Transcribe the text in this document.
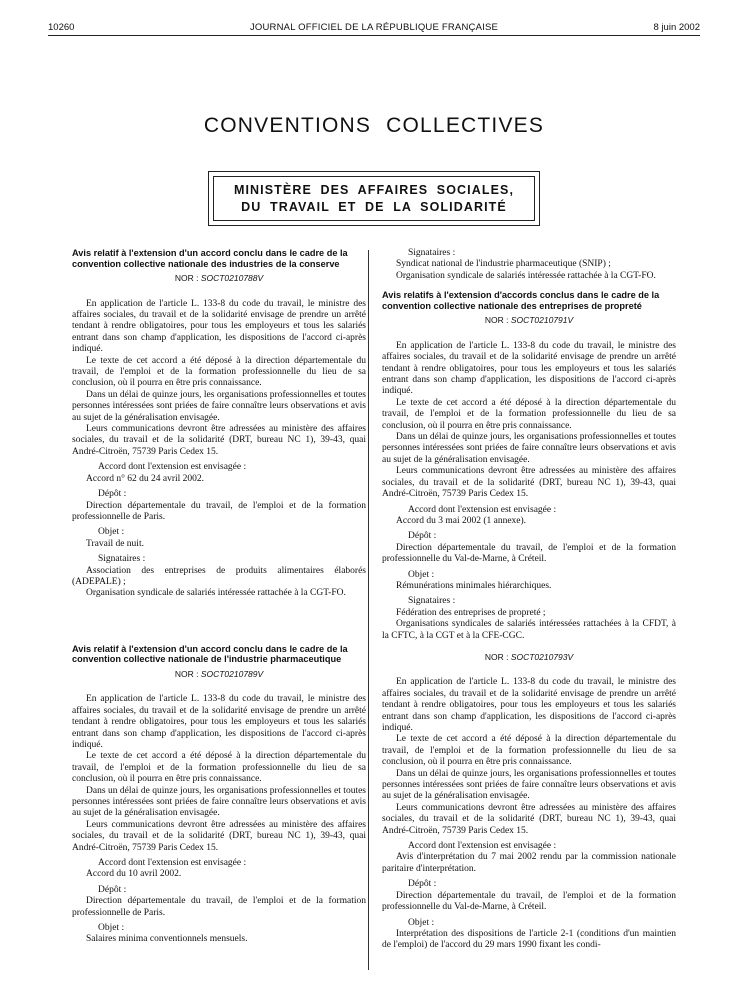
10260	JOURNAL OFFICIEL DE LA RÉPUBLIQUE FRANÇAISE	8 juin 2002
CONVENTIONS COLLECTIVES
MINISTÈRE DES AFFAIRES SOCIALES,
DU TRAVAIL ET DE LA SOLIDARITÉ
Avis relatif à l'extension d'un accord conclu dans le cadre de la convention collective nationale des industries de la conserve
NOR : SOCT0210788V

En application de l'article L. 133-8 du code du travail, le ministre des affaires sociales, du travail et de la solidarité envisage de prendre un arrêté tendant à rendre obligatoires, pour tous les employeurs et tous les salariés entrant dans son champ d'application, les dispositions de l'accord ci-après indiqué.

Le texte de cet accord a été déposé à la direction départementale du travail, de l'emploi et de la formation professionnelle du lieu de sa conclusion, où il pourra en être pris connaissance.

Dans un délai de quinze jours, les organisations professionnelles et toutes personnes intéressées sont priées de faire connaître leurs observations et avis au sujet de la généralisation envisagée.

Leurs communications devront être adressées au ministère des affaires sociales, du travail et de la solidarité (DRT, bureau NC 1), 39-43, quai André-Citroën, 75739 Paris Cedex 15.

Accord dont l'extension est envisagée :

Accord n° 62 du 24 avril 2002.

Dépôt :

Direction départementale du travail, de l'emploi et de la formation professionnelle de Paris.

Objet :

Travail de nuit.

Signataires :

Association des entreprises de produits alimentaires élaborés (ADEPALE) ;

Organisation syndicale de salariés intéressée rattachée à la CGT-FO.

Avis relatif à l'extension d'un accord conclu dans le cadre de la convention collective nationale de l'industrie pharmaceutique
NOR : SOCT0210789V

En application de l'article L. 133-8 du code du travail, le ministre des affaires sociales, du travail et de la solidarité envisage de prendre un arrêté tendant à rendre obligatoires, pour tous les employeurs et tous les salariés entrant dans son champ d'application, les dispositions de l'accord ci-après indiqué.

Le texte de cet accord a été déposé à la direction départementale du travail, de l'emploi et de la formation professionnelle du lieu de sa conclusion, où il pourra en être pris connaissance.

Dans un délai de quinze jours, les organisations professionnelles et toutes personnes intéressées sont priées de faire connaître leurs observations et avis au sujet de la généralisation envisagée.

Leurs communications devront être adressées au ministère des affaires sociales, du travail et de la solidarité (DRT, bureau NC 1), 39-43, quai André-Citroën, 75739 Paris Cedex 15.

Accord dont l'extension est envisagée :

Accord du 10 avril 2002.

Dépôt :

Direction départementale du travail, de l'emploi et de la formation professionnelle de Paris.

Objet :

Salaires minima conventionnels mensuels.

Signataires :

Syndicat national de l'industrie pharmaceutique (SNIP) ;

Organisation syndicale de salariés intéressée rattachée à la CGT-FO.

Avis relatifs à l'extension d'accords conclus dans le cadre de la convention collective nationale des entreprises de propreté
NOR : SOCT0210791V

En application de l'article L. 133-8 du code du travail, le ministre des affaires sociales, du travail et de la solidarité envisage de prendre un arrêté tendant à rendre obligatoires, pour tous les employeurs et tous les salariés entrant dans son champ d'application, les dispositions de l'accord ci-après indiqué.

Le texte de cet accord a été déposé à la direction départementale du travail, de l'emploi et de la formation professionnelle du lieu de sa conclusion, où il pourra en être pris connaissance.

Dans un délai de quinze jours, les organisations professionnelles et toutes personnes intéressées sont priées de faire connaître leurs observations et avis au sujet de la généralisation envisagée.

Leurs communications devront être adressées au ministère des affaires sociales, du travail et de la solidarité (DRT, bureau NC 1), 39-43, quai André-Citroën, 75739 Paris Cedex 15.

Accord dont l'extension est envisagée :

Accord du 3 mai 2002 (1 annexe).

Dépôt :

Direction départementale du travail, de l'emploi et de la formation professionnelle du Val-de-Marne, à Créteil.

Objet :

Rémunérations minimales hiérarchiques.

Signataires :

Fédération des entreprises de propreté ;

Organisations syndicales de salariés intéressées rattachées à la CFDT, à la CFTC, à la CGT et à la CFE-CGC.

NOR : SOCT0210793V

En application de l'article L. 133-8 du code du travail, le ministre des affaires sociales, du travail et de la solidarité envisage de prendre un arrêté tendant à rendre obligatoires, pour tous les employeurs et tous les salariés entrant dans son champ d'application, les dispositions de l'accord ci-après indiqué.

Le texte de cet accord a été déposé à la direction départementale du travail, de l'emploi et de la formation professionnelle du lieu de sa conclusion, où il pourra en être pris connaissance.

Dans un délai de quinze jours, les organisations professionnelles et toutes personnes intéressées sont priées de faire connaître leurs observations et avis au sujet de la généralisation envisagée.

Leurs communications devront être adressées au ministère des affaires sociales, du travail et de la solidarité (DRT, bureau NC 1), 39-43, quai André-Citroën, 75739 Paris Cedex 15.

Accord dont l'extension est envisagée :

Avis d'interprétation du 7 mai 2002 rendu par la commission nationale paritaire d'interprétation.

Dépôt :

Direction départementale du travail, de l'emploi et de la formation professionnelle du Val-de-Marne, à Créteil.

Objet :

Interprétation des dispositions de l'article 2-1 (conditions d'un maintien de l'emploi) de l'accord du 29 mars 1990 fixant les condi-
